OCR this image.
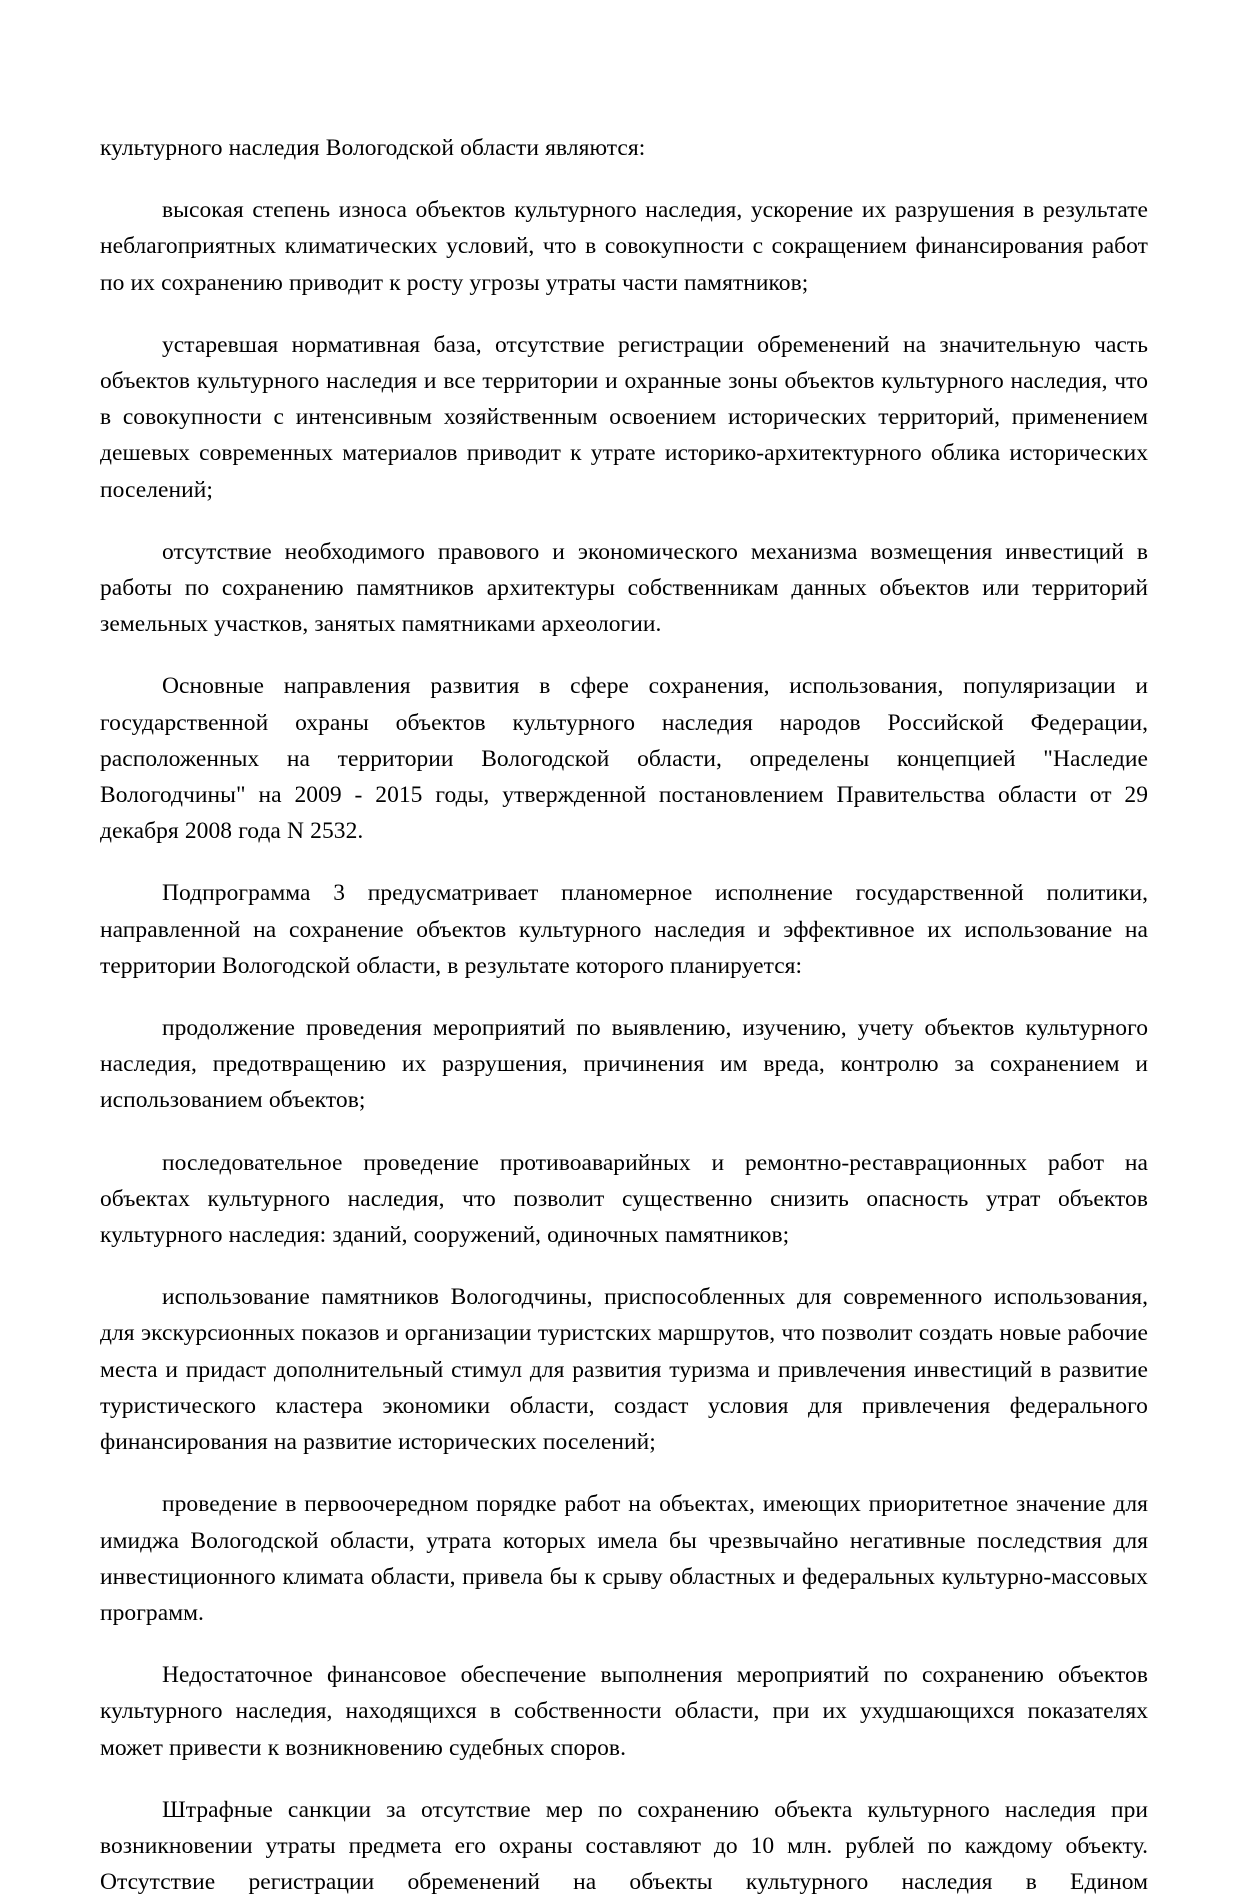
культурного наследия Вологодской области являются:

высокая степень износа объектов культурного наследия, ускорение их разрушения в результате неблагоприятных климатических условий, что в совокупности с сокращением финансирования работ по их сохранению приводит к росту угрозы утраты части памятников;

устаревшая нормативная база, отсутствие регистрации обременений на значительную часть объектов культурного наследия и все территории и охранные зоны объектов культурного наследия, что в совокупности с интенсивным хозяйственным освоением исторических территорий, применением дешевых современных материалов приводит к утрате историко-архитектурного облика исторических поселений;

отсутствие необходимого правового и экономического механизма возмещения инвестиций в работы по сохранению памятников архитектуры собственникам данных объектов или территорий земельных участков, занятых памятниками археологии.

Основные направления развития в сфере сохранения, использования, популяризации и государственной охраны объектов культурного наследия народов Российской Федерации, расположенных на территории Вологодской области, определены концепцией "Наследие Вологодчины" на 2009 - 2015 годы, утвержденной постановлением Правительства области от 29 декабря 2008 года N 2532.

Подпрограмма 3 предусматривает планомерное исполнение государственной политики, направленной на сохранение объектов культурного наследия и эффективное их использование на территории Вологодской области, в результате которого планируется:

продолжение проведения мероприятий по выявлению, изучению, учету объектов культурного наследия, предотвращению их разрушения, причинения им вреда, контролю за сохранением и использованием объектов;

последовательное проведение противоаварийных и ремонтно-реставрационных работ на объектах культурного наследия, что позволит существенно снизить опасность утрат объектов культурного наследия: зданий, сооружений, одиночных памятников;

использование памятников Вологодчины, приспособленных для современного использования, для экскурсионных показов и организации туристских маршрутов, что позволит создать новые рабочие места и придаст дополнительный стимул для развития туризма и привлечения инвестиций в развитие туристического кластера экономики области, создаст условия для привлечения федерального финансирования на развитие исторических поселений;

проведение в первоочередном порядке работ на объектах, имеющих приоритетное значение для имиджа Вологодской области, утрата которых имела бы чрезвычайно негативные последствия для инвестиционного климата области, привела бы к срыву областных и федеральных культурно-массовых программ.

Недостаточное финансовое обеспечение выполнения мероприятий по сохранению объектов культурного наследия, находящихся в собственности области, при их ухудшающихся показателях может привести к возникновению судебных споров.

Штрафные санкции за отсутствие мер по сохранению объекта культурного наследия при возникновении утраты предмета его охраны составляют до 10 млн. рублей по каждому объекту. Отсутствие регистрации обременений на объекты культурного наследия в Едином
